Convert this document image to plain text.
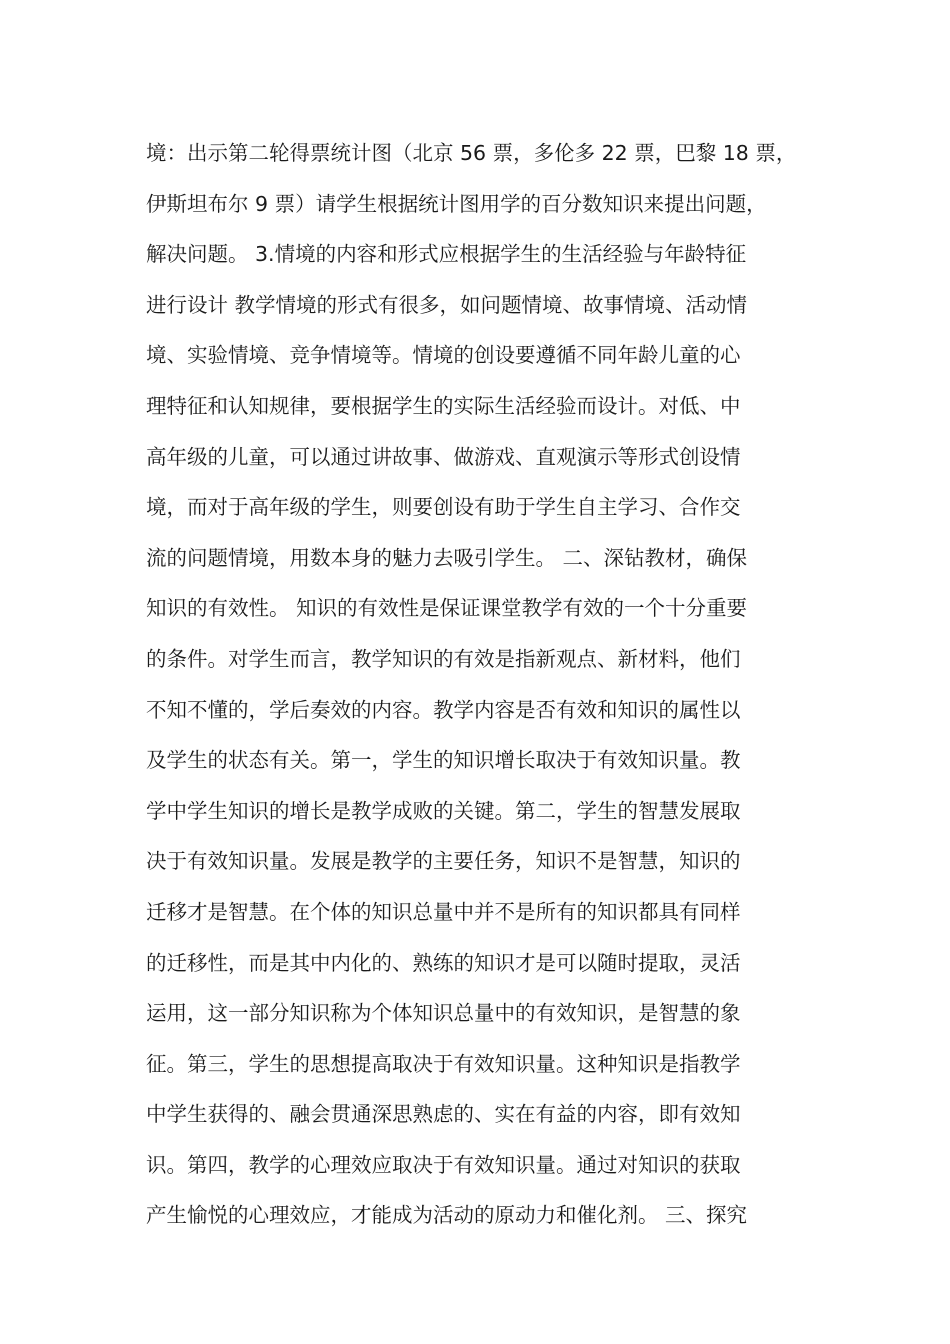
境：出示第二轮得票统计图（北京 56 票，多伦多 22 票，巴黎 18 票，
伊斯坦布尔 9 票）请学生根据统计图用学的百分数知识来提出问题，
解决问题。 3.情境的内容和形式应根据学生的生活经验与年龄特征
进行设计 教学情境的形式有很多，如问题情境、故事情境、活动情
境、实验情境、竞争情境等。情境的创设要遵循不同年龄儿童的心
理特征和认知规律，要根据学生的实际生活经验而设计。对低、中
高年级的儿童，可以通过讲故事、做游戏、直观演示等形式创设情
境，而对于高年级的学生，则要创设有助于学生自主学习、合作交
流的问题情境，用数本身的魅力去吸引学生。 二、深钻教材，确保
知识的有效性。 知识的有效性是保证课堂教学有效的一个十分重要
的条件。对学生而言，教学知识的有效是指新观点、新材料，他们
不知不懂的，学后奏效的内容。教学内容是否有效和知识的属性以
及学生的状态有关。第一，学生的知识增长取决于有效知识量。教
学中学生知识的增长是教学成败的关键。第二，学生的智慧发展取
决于有效知识量。发展是教学的主要任务，知识不是智慧，知识的
迁移才是智慧。在个体的知识总量中并不是所有的知识都具有同样
的迁移性，而是其中内化的、熟练的知识才是可以随时提取，灵活
运用，这一部分知识称为个体知识总量中的有效知识，是智慧的象
征。第三，学生的思想提高取决于有效知识量。这种知识是指教学
中学生获得的、融会贯通深思熟虑的、实在有益的内容，即有效知
识。第四，教学的心理效应取决于有效知识量。通过对知识的获取
产生愉悦的心理效应，才能成为活动的原动力和催化剂。 三、探究
